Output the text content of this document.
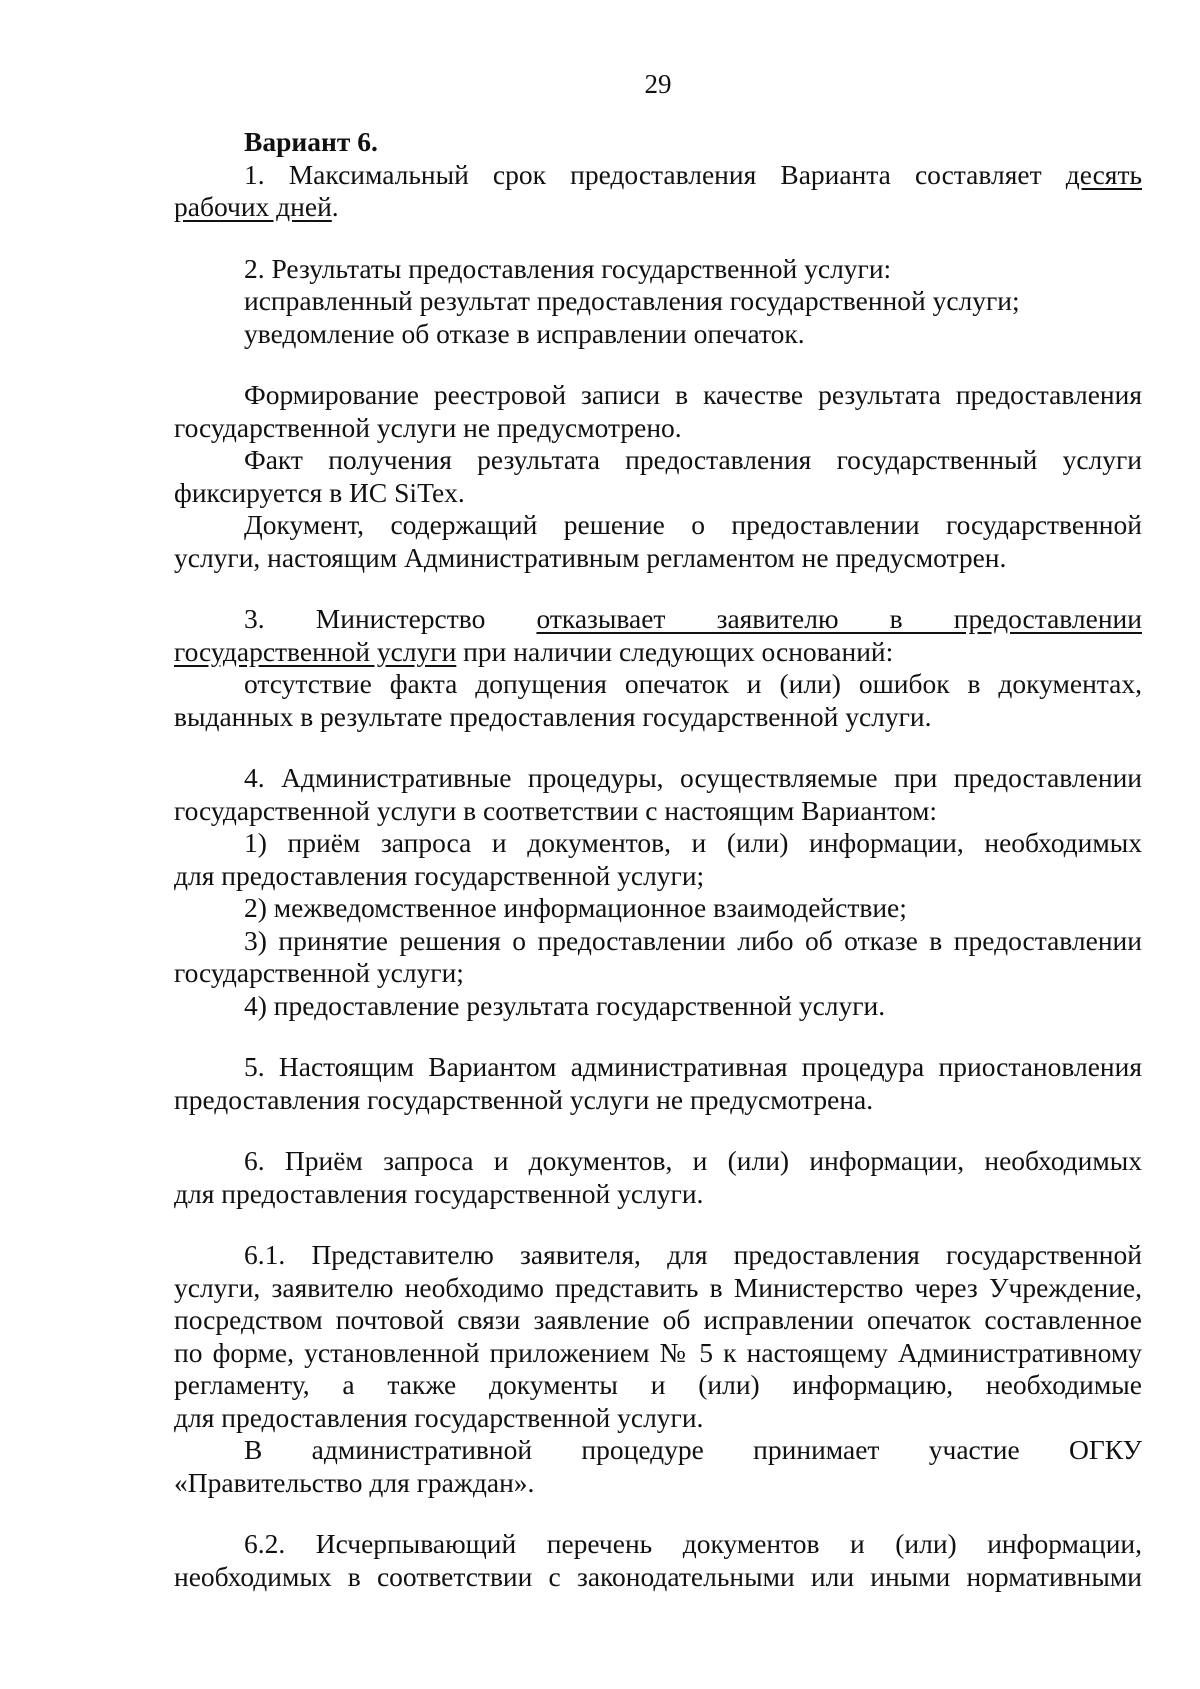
29

Вариант 6.

1. Максимальный срок предоставления Варианта составляет десять

рабочих дней.

2. Результаты предоставления государственной услуги:

исправленный результат предоставления государственной услуги;

уведомление об отказе в исправлении опечаток.

Формирование реестровой записи в качестве результата предоставления

государственной услуги не предусмотрено.

Факт получения результата предоставления государственный услуги

фиксируется в ИС SiTex.

Документ, содержащий решение о предоставлении государственной

услуги, настоящим Административным регламентом не предусмотрен.

3. Министерство отказывает заявителю в предоставлении

государственной услуги при наличии следующих оснований:

отсутствие факта допущения опечаток и (или) ошибок в документах,

выданных в результате предоставления государственной услуги.

4. Административные процедуры, осуществляемые при предоставлении

государственной услуги в соответствии с настоящим Вариантом:

1) приём запроса и документов, и (или) информации, необходимых

для предоставления государственной услуги;

2) межведомственное информационное взаимодействие;

3) принятие решения о предоставлении либо об отказе в предоставлении

государственной услуги;

4) предоставление результата государственной услуги.

5. Настоящим Вариантом административная процедура приостановления

предоставления государственной услуги не предусмотрена.

6. Приём запроса и документов, и (или) информации, необходимых

для предоставления государственной услуги.

6.1. Представителю заявителя, для предоставления государственной

услуги, заявителю необходимо представить в Министерство через Учреждение,

посредством почтовой связи заявление об исправлении опечаток составленное

по форме, установленной приложением № 5 к настоящему Административному

регламенту, а также документы и (или) информацию, необходимые

для предоставления государственной услуги.

В административной процедуре принимает участие ОГКУ

«Правительство для граждан».

6.2. Исчерпывающий перечень документов и (или) информации,

необходимых в соответствии с законодательными или иными нормативными
